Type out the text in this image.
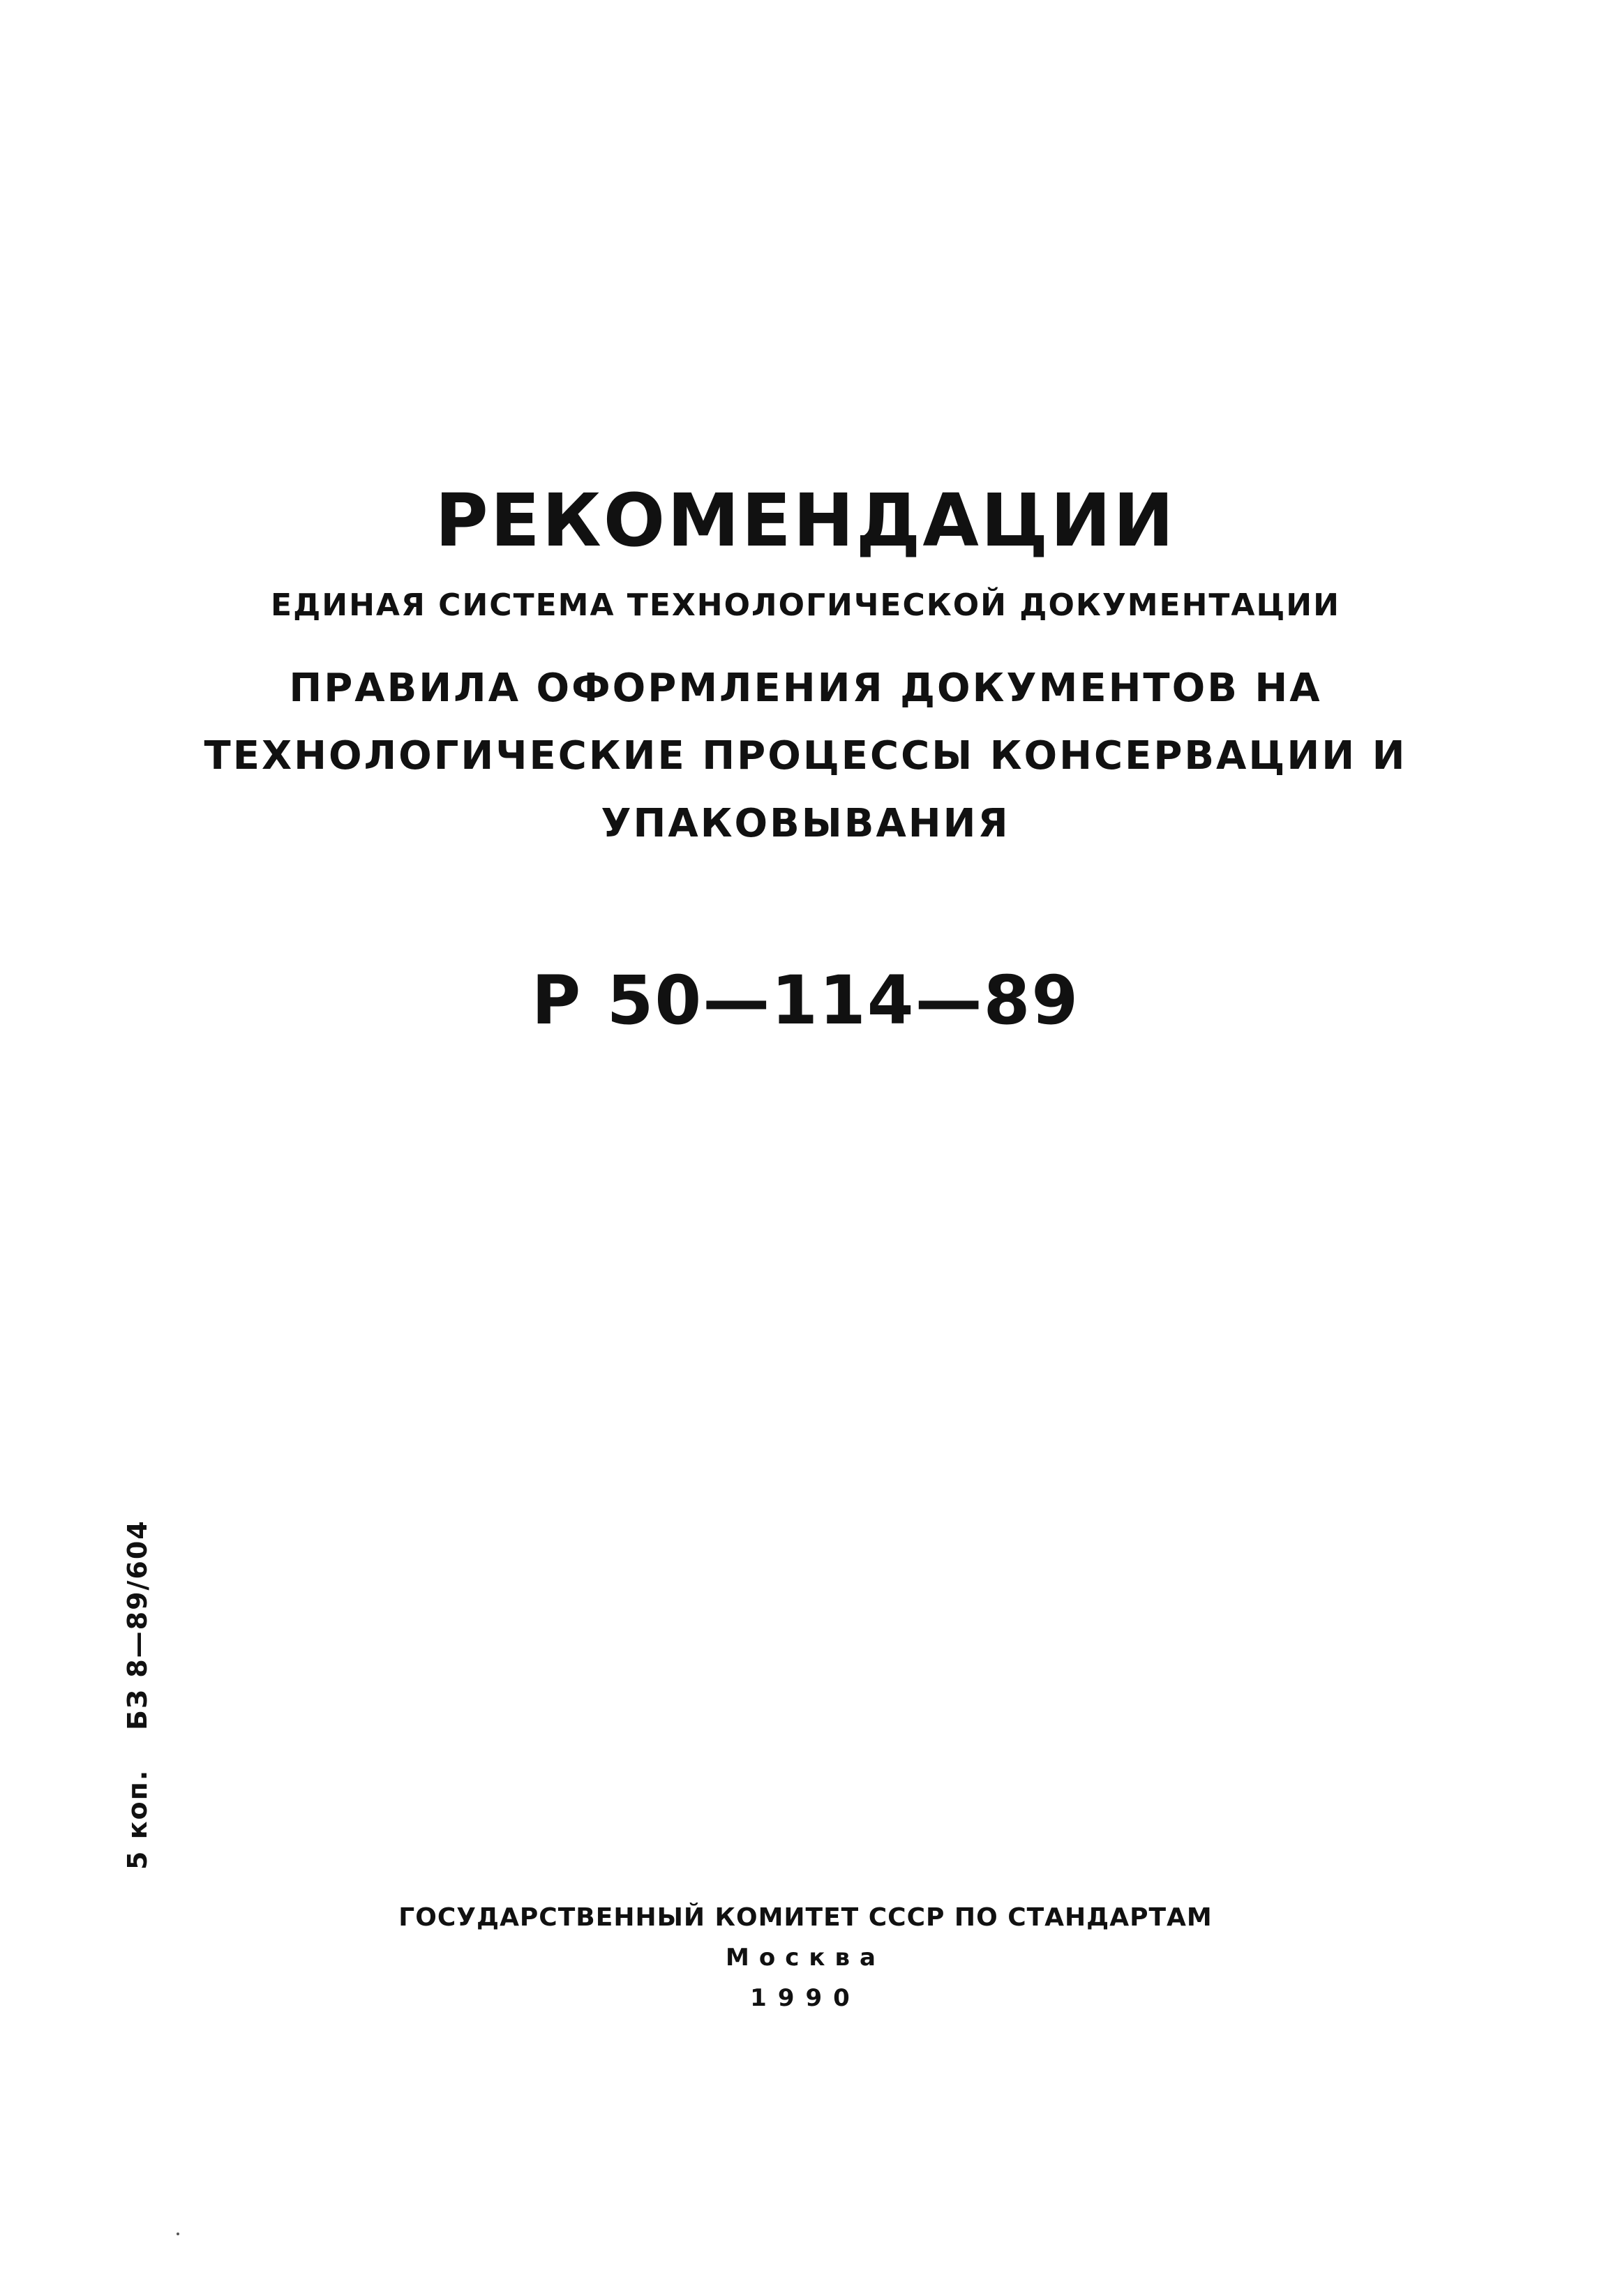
РЕКОМЕНДАЦИИ
ЕДИНАЯ СИСТЕМА ТЕХНОЛОГИЧЕСКОЙ ДОКУМЕНТАЦИИ
ПРАВИЛА ОФОРМЛЕНИЯ ДОКУМЕНТОВ НА
ТЕХНОЛОГИЧЕСКИЕ ПРОЦЕССЫ КОНСЕРВАЦИИ И
УПАКОВЫВАНИЯ
Р 50—114—89
5 коп.БЗ 8—89/604
ГОСУДАРСТВЕННЫЙ КОМИТЕТ СССР ПО СТАНДАРТАМ
Москва
1990
